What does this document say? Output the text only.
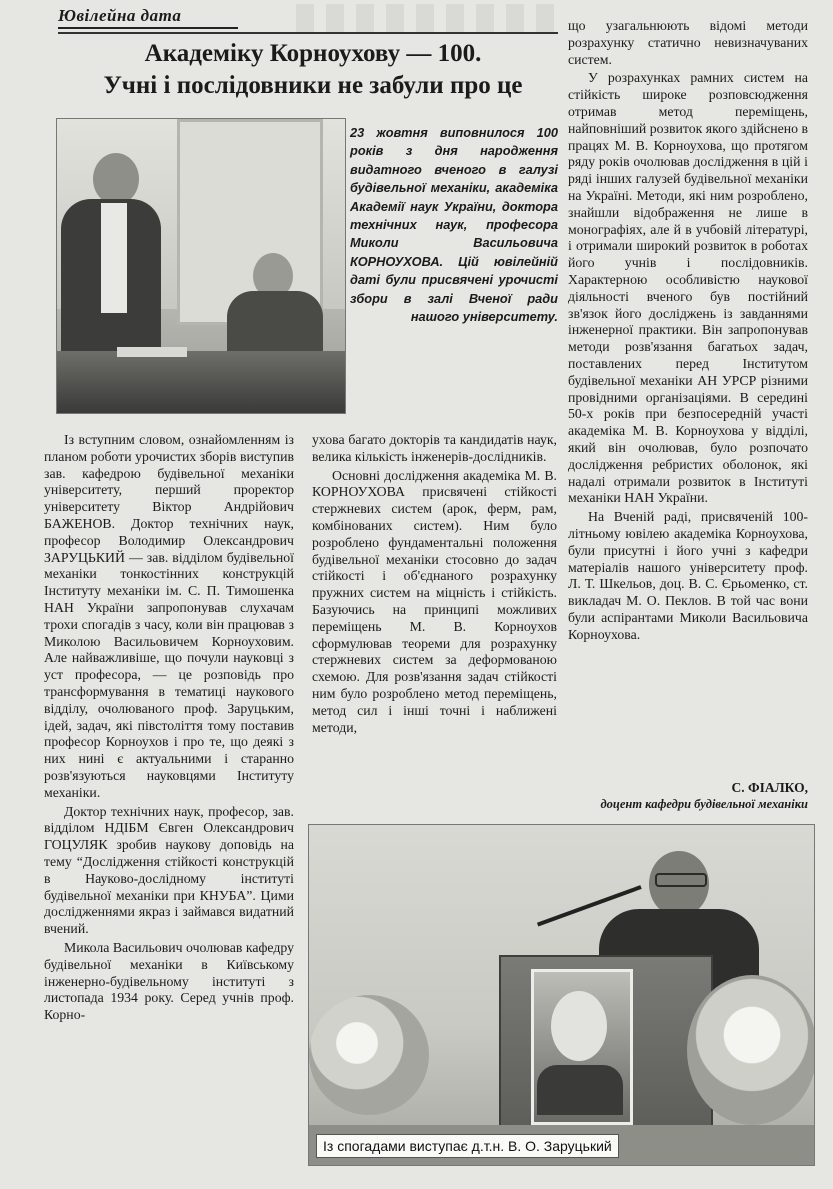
Ювілейна дата
Академіку Корноухову — 100.
Учні і послідовники не забули про це
23 жовтня виповнилося 100 років з дня народження видатного вченого в галузі будівельної механіки, академіка Академії наук України, доктора технічних наук, професора Миколи Васильовича КОРНОУХОВА. Цій ювілейній даті були присвячені урочисті збори в залі Вченої ради нашого університету.

Із вступним словом, ознайомленням із планом роботи урочистих зборів виступив зав. кафедрою будівельної механіки університету, перший проректор університету Віктор Андрійович БАЖЕНОВ. Доктор технічних наук, професор Володимир Олександрович ЗАРУЦЬКИЙ — зав. відділом будівельної механіки тонкостінних конструкцій Інституту механіки ім. С. П. Тимошенка НАН України запропонував слухачам трохи спогадів з часу, коли він працював з Миколою Васильовичем Корноуховим. Але найважливіше, що почули науковці з уст професора, — це розповідь про трансформування в тематиці наукового відділу, очолюваного проф. Заруцьким, ідей, задач, які півстоліття тому поставив професор Корноухов і про те, що деякі з них нині є актуальними і старанно розв'язуються науковцями Інституту механіки.

Доктор технічних наук, професор, зав. відділом НДІБМ Євген Олександрович ГОЦУЛЯК зробив наукову доповідь на тему “Дослідження стійкості конструкцій в Науково-дослідному інституті будівельної механіки при КНУБА”. Цими дослідженнями якраз і займався видатний вчений.

Микола Васильович очолював кафедру будівельної механіки в Київському інженерно-будівельному інституті з листопада 1934 року. Серед учнів проф. Корно-

ухова багато докторів та кандидатів наук, велика кількість інженерів-дослідників.

Основні дослідження академіка М. В. КОРНОУХОВА присвячені стійкості стержневих систем (арок, ферм, рам, комбінованих систем). Ним було розроблено фундаментальні положення будівельної механіки стосовно до задач стійкості і об'єднаного розрахунку пружних систем на міцність і стійкість. Базуючись на принципі можливих переміщень М. В. Корноухов сформулював теореми для розрахунку стержневих систем за деформованою схемою. Для розв'язання задач стійкості ним було розроблено метод переміщень, метод сил і інші точні і наближені методи,

що узагальнюють відомі методи розрахунку статично невизначуваних систем.

У розрахунках рамних систем на стійкість широке розповсюдження отримав метод переміщень, найповніший розвиток якого здійснено в працях М. В. Корноухова, що протягом ряду років очолював дослідження в цій і ряді інших галузей будівельної механіки на Україні. Методи, які ним розроблено, знайшли відображення не лише в монографіях, але й в учбовій літературі, і отримали широкий розвиток в роботах його учнів і послідовників. Характерною особливістю наукової діяльності вченого був постійний зв'язок його досліджень із завданнями інженерної практики. Він запропонував методи розв'язання багатьох задач, поставлених перед Інститутом будівельної механіки АН УРСР різними провідними організаціями. В середині 50-х років при безпосередній участі академіка М. В. Корноухова у відділі, який він очолював, було розпочато дослідження ребристих оболонок, які надалі отримали розвиток в Інституті механіки НАН України.

На Вченій раді, присвяченій 100-літньому ювілею академіка Корноухова, були присутні і його учні з кафедри матеріалів нашого університету проф. Л. Т. Шкельов, доц. В. С. Єрьоменко, ст. викладач М. О. Пеклов. В той час вони були аспірантами Миколи Васильовича Корноухова.

С. ФІАЛКО,
доцент кафедри будівельної механіки
Із спогадами виступає д.т.н. В. О. Заруцький
